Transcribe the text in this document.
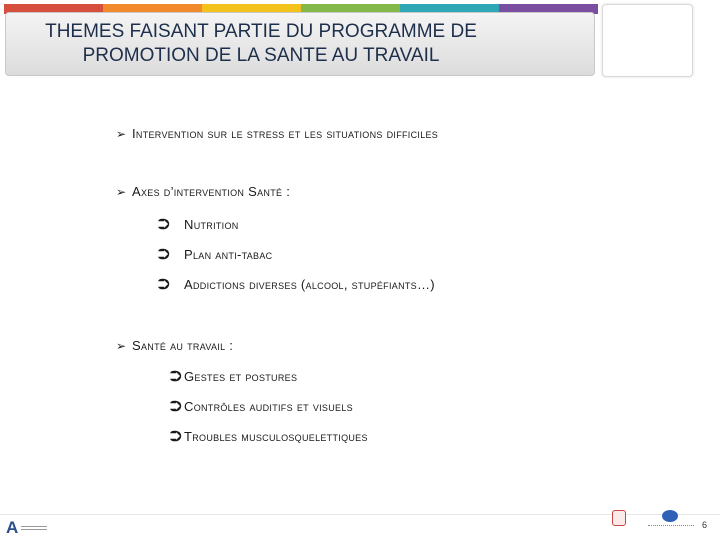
THEMES FAISANT PARTIE DU PROGRAMME DE
PROMOTION DE LA SANTE AU TRAVAIL
➢ Intervention sur le stress et les situations difficiles
➢ Axes d’intervention Santé :
⮊	Nutrition
⮊	Plan anti-tabac
⮊	Addictions diverses (alcool, stupéfiants…)
➢ Santé au travail :
⮊ Gestes et postures
⮊ Contrôles auditifs et visuels
⮊ Troubles musculosquelettiques
A	6
